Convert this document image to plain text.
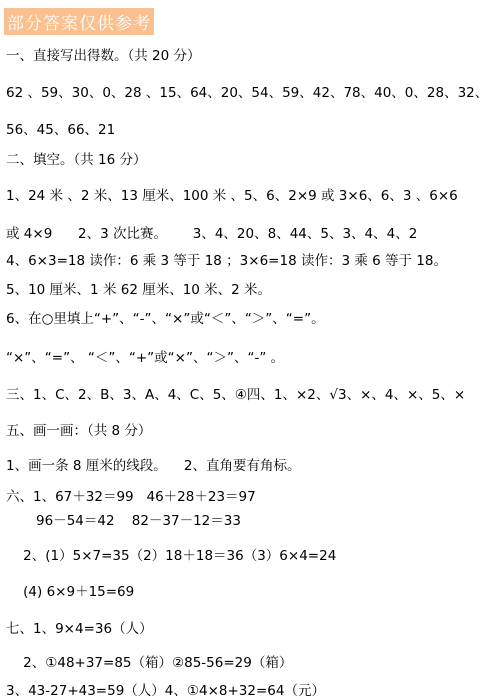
部分答案仅供参考
一、直接写出得数。（共 20 分）
62 、59、30、0、28 、15、64、20、54、59、42、78、40、0、28、32、
56、45、66、21
二、填空。（共 16 分）
1、24 米 、2 米、13 厘米、100 米 、5、6、2×9 或 3×6、6、3 、6×6
或 4×9      2、3 次比赛。      3、4、20、8、44、5、3、4、4、2
4、6×3=18 读作：6 乘 3 等于 18 ；3×6=18 读作：3 乘 6 等于 18。
5、10 厘米、1 米 62 厘米、10 米、2 米。
6、在○里填上“+”、“-”、“×”或“＜”、“＞”、“=”。
“×”、“=”、 “＜”、“+”或“×”、“＞”、“-” 。
三、1、C、2、B、3、A、4、C、5、④四、1、×2、√3、×、4、×、5、×
五、画一画：（共 8 分）
1、画一条 8 厘米的线段。    2、直角要有角标。
六、1、67＋32＝99   46＋28＋23＝97
96－54＝42    82－37－12＝33
2、(1）5×7=35（2）18＋18＝36（3）6×4=24
(4) 6×9＋15=69
七、1、9×4=36（人）
2、①48+37=85（箱）②85-56=29（箱）
3、43-27+43=59（人）4、①4×8+32=64（元）
